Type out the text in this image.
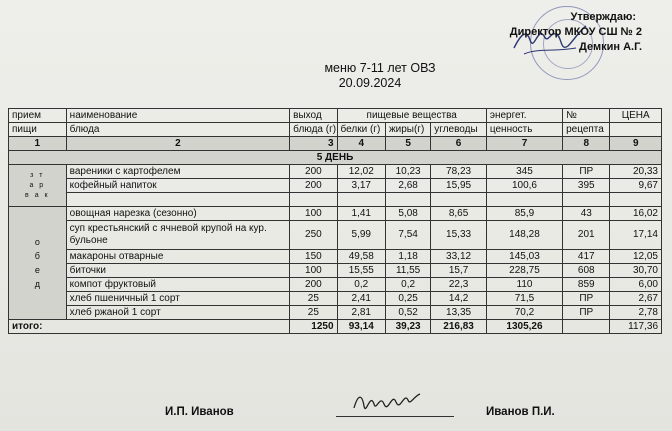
Утверждаю:
Директор МКОУ СШ № 2
Демкин А.Г.
меню 7-11 лет ОВЗ
20.09.2024
прием	наименование	выход	пищевые вещества			энергет.	№	ЦЕНА
пищи	блюда	блюда (г)	белки (г)	жиры(г)	углеводы	ценность	рецепта	
1	2	3	4	5	6	7	8	9
5 ДЕНЬ								

з т
а р
в а к	вареники с картофелем	200	12,02	10,23	78,23	345	ПР	20,33
	кофейный напиток	200	3,17	2,68	15,95	100,6	395	9,67

о
б
е
д	овощная нарезка (сезонно)	100	1,41	5,08	8,65	85,9	43	16,02
	суп крестьянский с ячневой крупой на кур. бульоне	250	5,99	7,54	15,33	148,28	201	17,14
	макароны отварные	150	49,58	1,18	33,12	145,03	417	12,05
	биточки	100	15,55	11,55	15,7	228,75	608	30,70
	компот фруктовый	200	0,2	0,2	22,3	110	859	6,00
	хлеб пшеничный 1 сорт	25	2,41	0,25	14,2	71,5	ПР	2,67
	хлеб ржаной 1 сорт	25	2,81	0,52	13,35	70,2	ПР	2,78
итого:		1250	93,14	39,23	216,83	1305,26		117,36
И.П. Иванов	Иванов П.И.
